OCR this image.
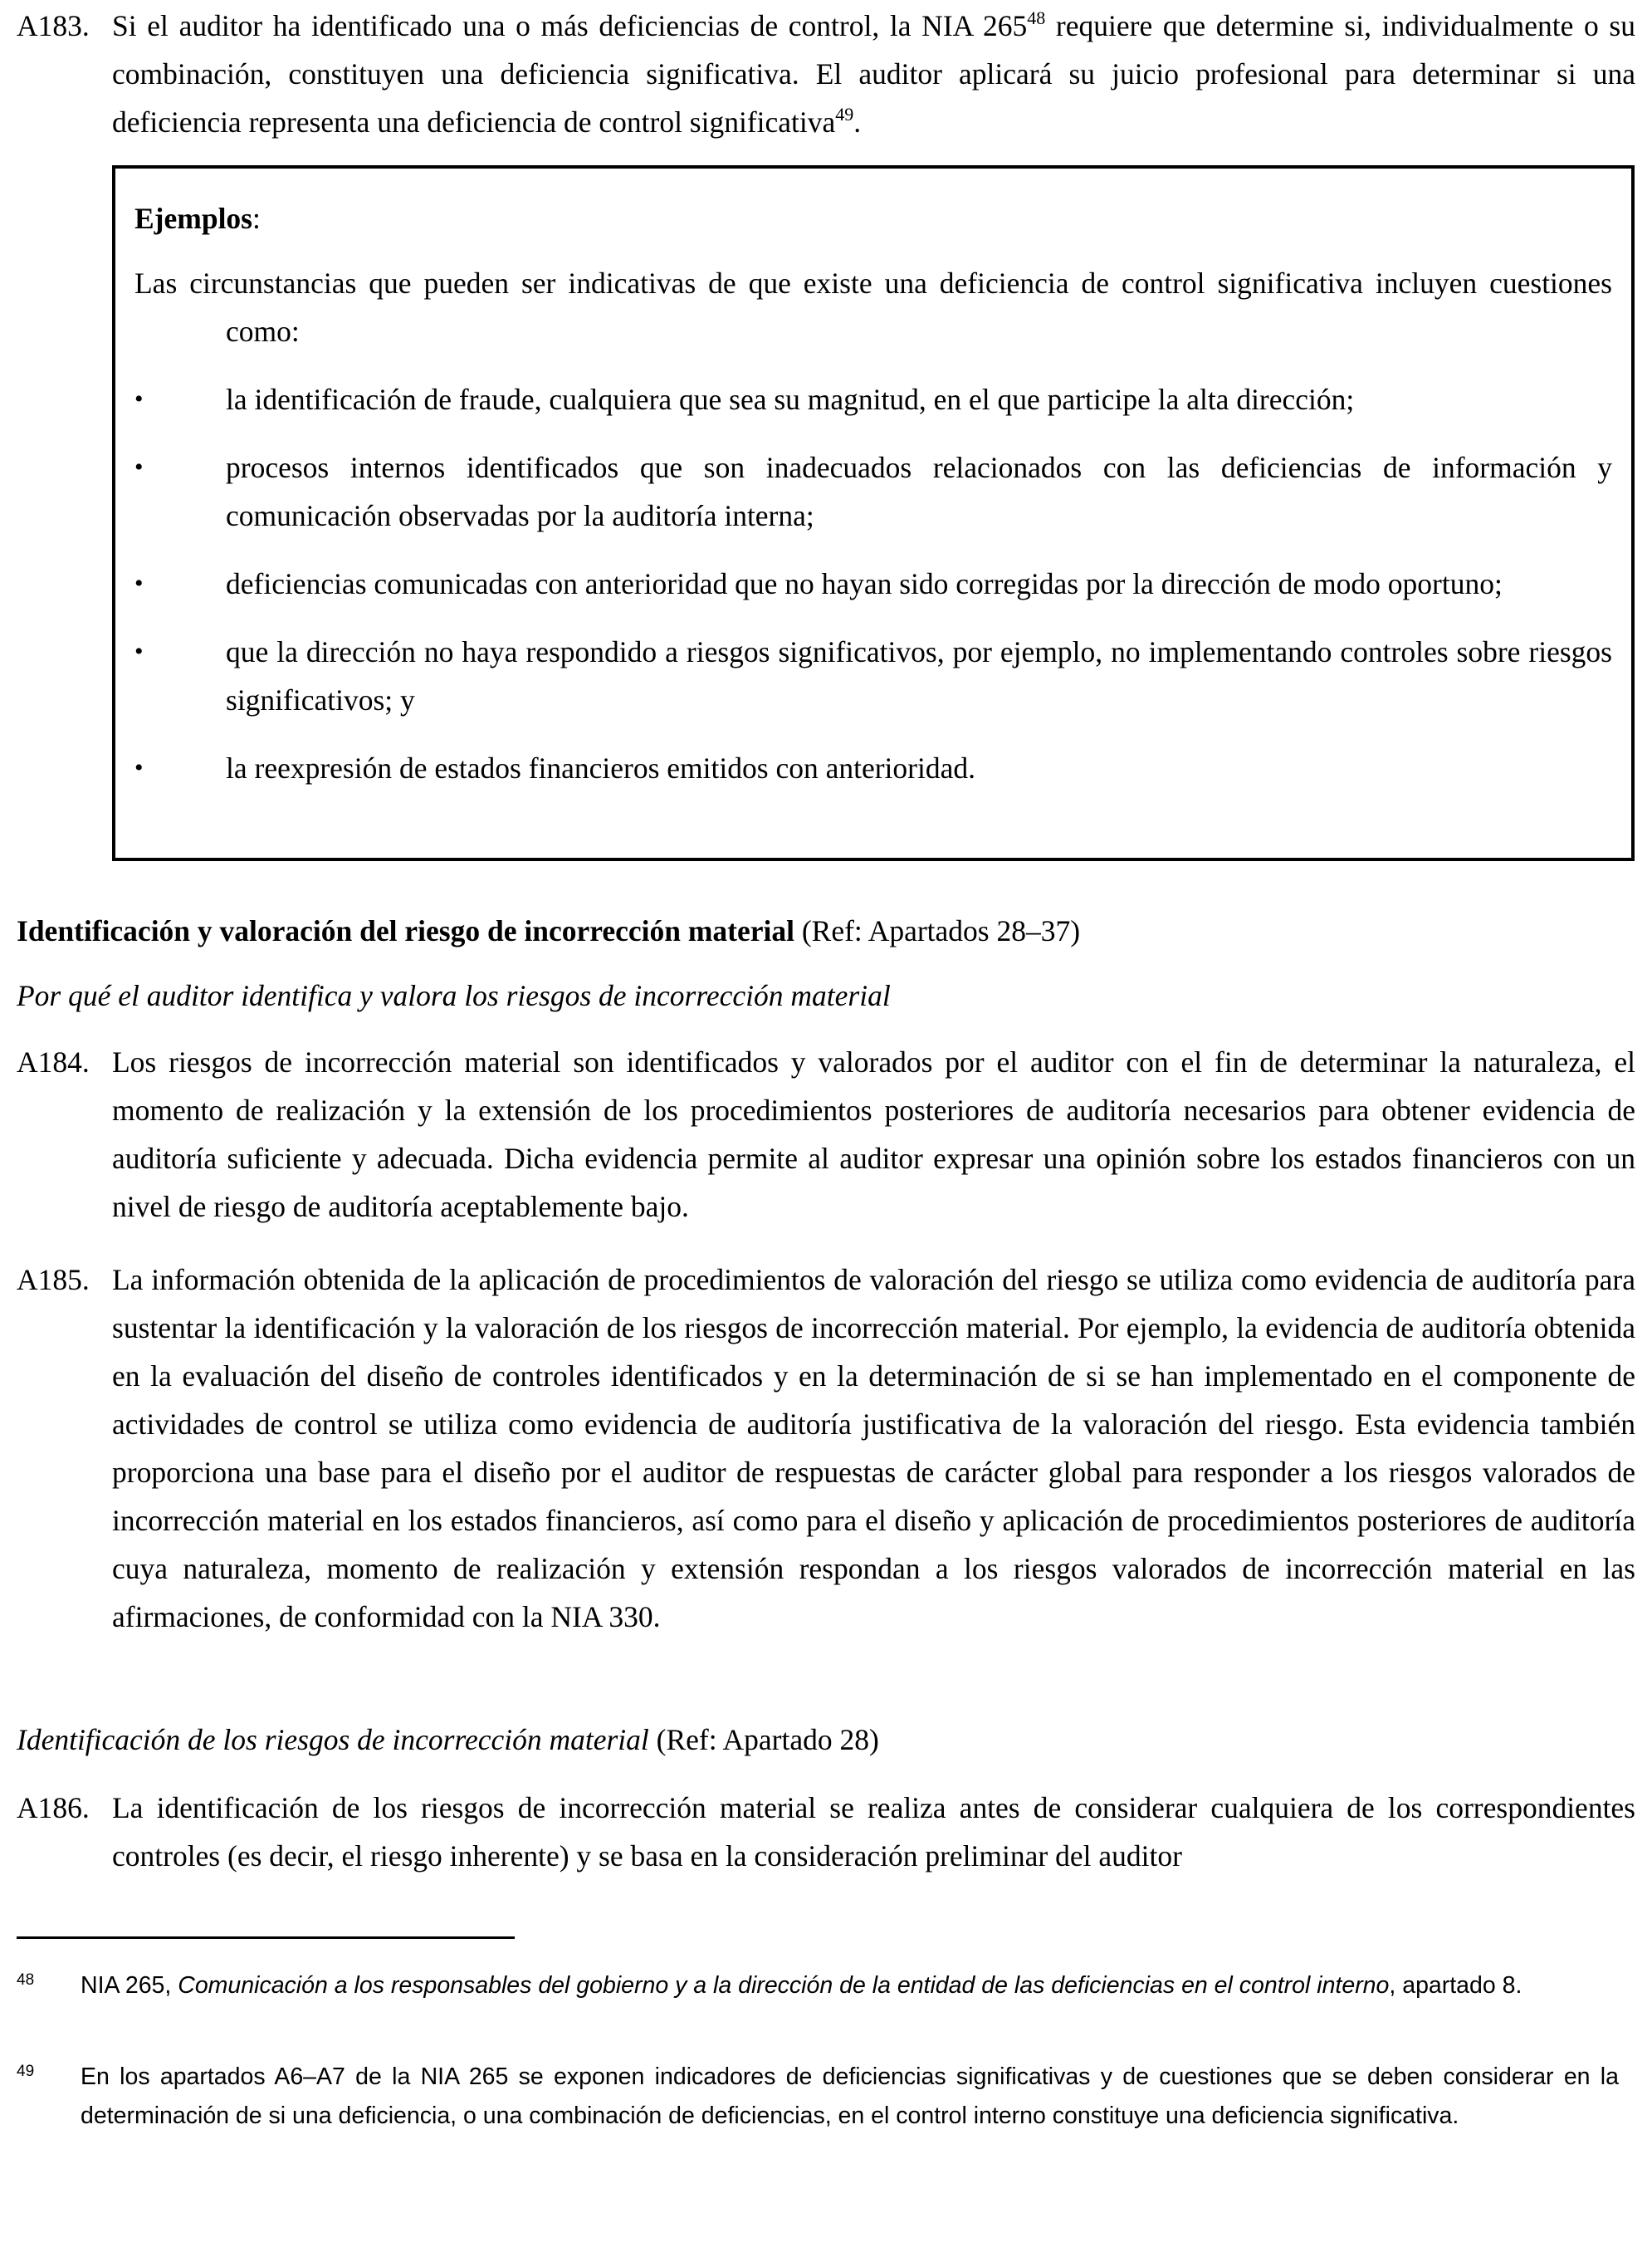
A183. Si el auditor ha identificado una o más deficiencias de control, la NIA $265^{48}$ requiere que determine si, individualmente o su combinación, constituyen una deficiencia significativa. El auditor aplicará su juicio profesional para determinar si una deficiencia representa una deficiencia de control significativa$^{49}$.
Ejemplos:
Las circunstancias que pueden ser indicativas de que existe una deficiencia de control significativa incluyen cuestiones como:
•	la identificación de fraude, cualquiera que sea su magnitud, en el que participe la alta dirección;
•	procesos internos identificados que son inadecuados relacionados con las deficiencias de información y comunicación observadas por la auditoría interna;
•	deficiencias comunicadas con anterioridad que no hayan sido corregidas por la dirección de modo oportuno;
•	que la dirección no haya respondido a riesgos significativos, por ejemplo, no implementando controles sobre riesgos significativos; y
•	la reexpresión de estados financieros emitidos con anterioridad.
Identificación y valoración del riesgo de incorrección material (Ref: Apartados 28–37)
Por qué el auditor identifica y valora los riesgos de incorrección material
A184. Los riesgos de incorrección material son identificados y valorados por el auditor con el fin de determinar la naturaleza, el momento de realización y la extensión de los procedimientos posteriores de auditoría necesarios para obtener evidencia de auditoría suficiente y adecuada. Dicha evidencia permite al auditor expresar una opinión sobre los estados financieros con un nivel de riesgo de auditoría aceptablemente bajo.
A185. La información obtenida de la aplicación de procedimientos de valoración del riesgo se utiliza como evidencia de auditoría para sustentar la identificación y la valoración de los riesgos de incorrección material. Por ejemplo, la evidencia de auditoría obtenida en la evaluación del diseño de controles identificados y en la determinación de si se han implementado en el componente de actividades de control se utiliza como evidencia de auditoría justificativa de la valoración del riesgo. Esta evidencia también proporciona una base para el diseño por el auditor de respuestas de carácter global para responder a los riesgos valorados de incorrección material en los estados financieros, así como para el diseño y aplicación de procedimientos posteriores de auditoría cuya naturaleza, momento de realización y extensión respondan a los riesgos valorados de incorrección material en las afirmaciones, de conformidad con la NIA 330.
Identificación de los riesgos de incorrección material (Ref: Apartado 28)
A186. La identificación de los riesgos de incorrección material se realiza antes de considerar cualquiera de los correspondientes controles (es decir, el riesgo inherente) y se basa en la consideración preliminar del auditor
48 NIA 265, Comunicación a los responsables del gobierno y a la dirección de la entidad de las deficiencias en el control interno, apartado 8.
49 En los apartados A6–A7 de la NIA 265 se exponen indicadores de deficiencias significativas y de cuestiones que se deben considerar en la determinación de si una deficiencia, o una combinación de deficiencias, en el control interno constituye una deficiencia significativa.
